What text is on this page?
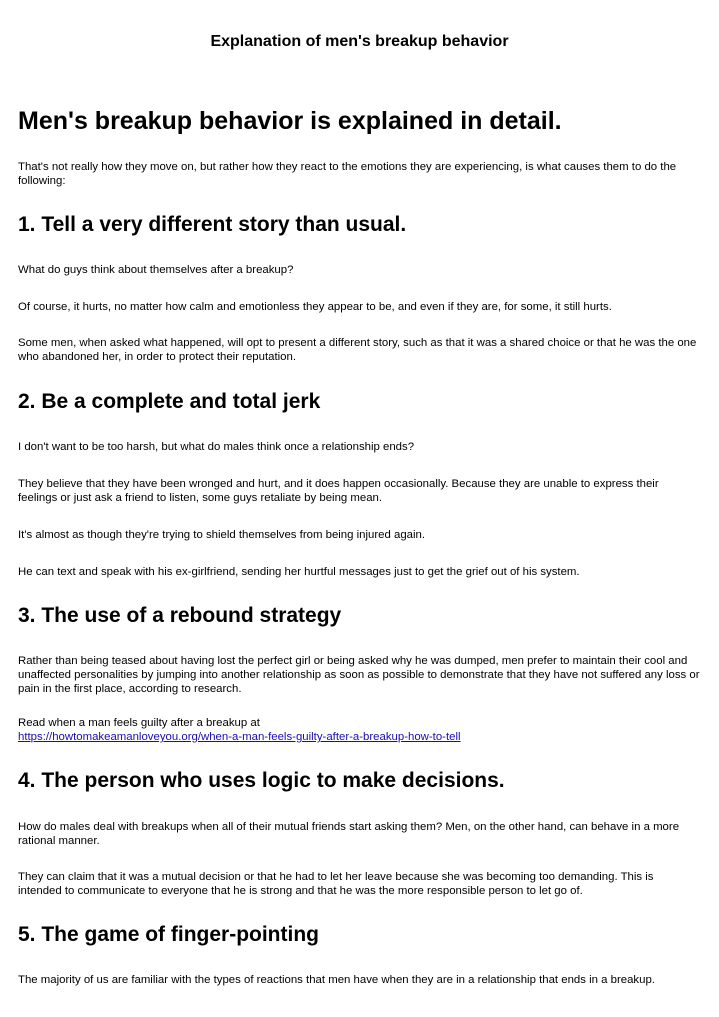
Explanation of men's breakup behavior
Men's breakup behavior is explained in detail.

That's not really how they move on, but rather how they react to the emotions they are experiencing, is what causes them to do the following:

1. Tell a very different story than usual.

What do guys think about themselves after a breakup?

Of course, it hurts, no matter how calm and emotionless they appear to be, and even if they are, for some, it still hurts.

Some men, when asked what happened, will opt to present a different story, such as that it was a shared choice or that he was the one who abandoned her, in order to protect their reputation.

2. Be a complete and total jerk

I don't want to be too harsh, but what do males think once a relationship ends?

They believe that they have been wronged and hurt, and it does happen occasionally. Because they are unable to express their feelings or just ask a friend to listen, some guys retaliate by being mean.

It's almost as though they're trying to shield themselves from being injured again.

He can text and speak with his ex-girlfriend, sending her hurtful messages just to get the grief out of his system.

3. The use of a rebound strategy

Rather than being teased about having lost the perfect girl or being asked why he was dumped, men prefer to maintain their cool and unaffected personalities by jumping into another relationship as soon as possible to demonstrate that they have not suffered any loss or pain in the first place, according to research.

Read when a man feels guilty after a breakup at

https://howtomakeamanloveyou.org/when-a-man-feels-guilty-after-a-breakup-how-to-tell

4. The person who uses logic to make decisions.

How do males deal with breakups when all of their mutual friends start asking them? Men, on the other hand, can behave in a more rational manner.

They can claim that it was a mutual decision or that he had to let her leave because she was becoming too demanding. This is intended to communicate to everyone that he is strong and that he was the more responsible person to let go of.

5. The game of finger-pointing

The majority of us are familiar with the types of reactions that men have when they are in a relationship that ends in a breakup.
